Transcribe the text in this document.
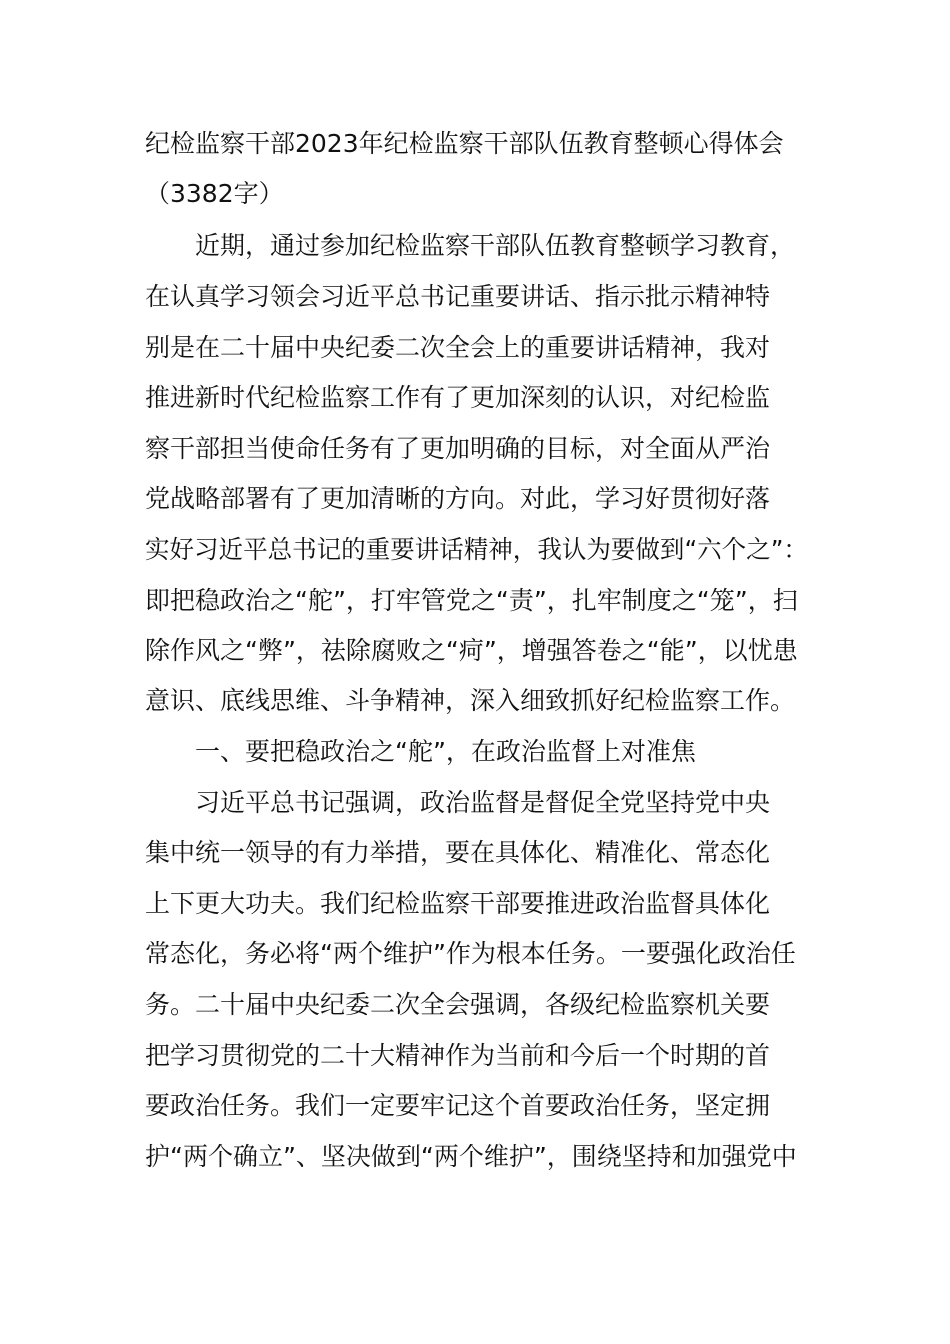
纪检监察干部2023年纪检监察干部队伍教育整顿心得体会
（3382字）
近期，通过参加纪检监察干部队伍教育整顿学习教育，
在认真学习领会习近平总书记重要讲话、指示批示精神特
别是在二十届中央纪委二次全会上的重要讲话精神，我对
推进新时代纪检监察工作有了更加深刻的认识，对纪检监
察干部担当使命任务有了更加明确的目标，对全面从严治
党战略部署有了更加清晰的方向。对此，学习好贯彻好落
实好习近平总书记的重要讲话精神，我认为要做到“六个之”：
即把稳政治之“舵”，打牢管党之“责”，扎牢制度之“笼”，扫
除作风之“弊”，祛除腐败之“疴”，增强答卷之“能”，以忧患
意识、底线思维、斗争精神，深入细致抓好纪检监察工作。
一、要把稳政治之“舵”，在政治监督上对准焦
习近平总书记强调，政治监督是督促全党坚持党中央
集中统一领导的有力举措，要在具体化、精准化、常态化
上下更大功夫。我们纪检监察干部要推进政治监督具体化
常态化，务必将“两个维护”作为根本任务。一要强化政治任
务。二十届中央纪委二次全会强调，各级纪检监察机关要
把学习贯彻党的二十大精神作为当前和今后一个时期的首
要政治任务。我们一定要牢记这个首要政治任务，坚定拥
护“两个确立”、坚决做到“两个维护”，围绕坚持和加强党中
